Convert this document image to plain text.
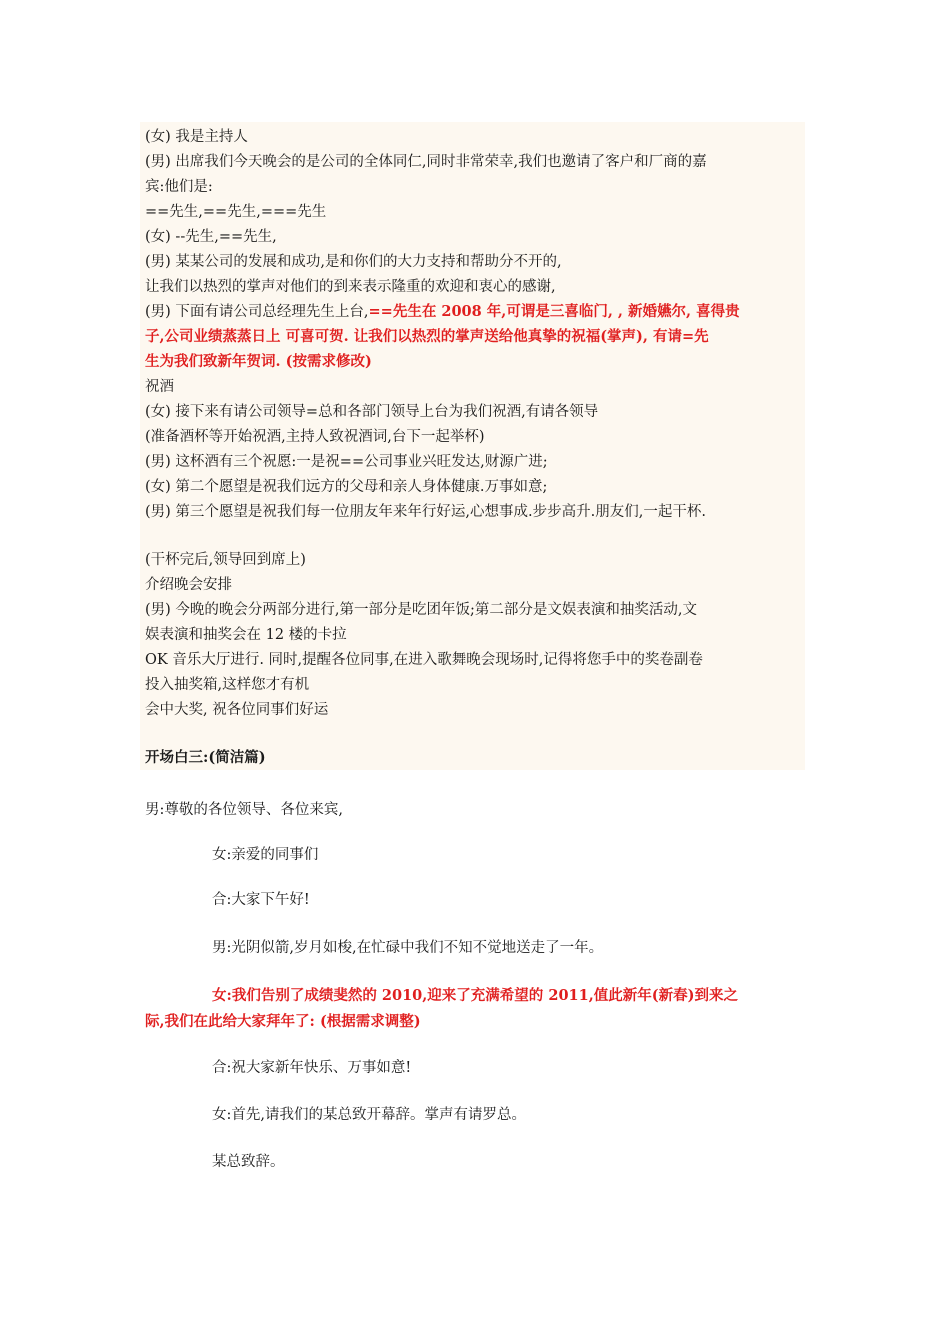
(女) 我是主持人
(男) 出席我们今天晚会的是公司的全体同仁,同时非常荣幸,我们也邀请了客户和厂商的嘉
宾:他们是:
==先生,==先生,===先生
(女) --先生,==先生,
(男) 某某公司的发展和成功,是和你们的大力支持和帮助分不开的,
让我们以热烈的掌声对他们的到来表示隆重的欢迎和衷心的感谢,
(男) 下面有请公司总经理先生上台,==先生在 2008 年,可谓是三喜临门, , 新婚嬿尔, 喜得贵
子,公司业绩蒸蒸日上 可喜可贺. 让我们以热烈的掌声送给他真挚的祝福(掌声), 有请=先
生为我们致新年贺词. (按需求修改)
祝酒
(女) 接下来有请公司领导=总和各部门领导上台为我们祝酒,有请各领导
(准备酒杯等开始祝酒,主持人致祝酒词,台下一起举杯)
(男) 这杯酒有三个祝愿:一是祝==公司事业兴旺发达,财源广进;
(女) 第二个愿望是祝我们远方的父母和亲人身体健康.万事如意;
(男) 第三个愿望是祝我们每一位朋友年来年行好运,心想事成.步步高升.朋友们,一起干杯.
(干杯完后,领导回到席上)
介绍晚会安排
(男) 今晚的晚会分两部分进行,第一部分是吃团年饭;第二部分是文娱表演和抽奖活动,文
娱表演和抽奖会在 12 楼的卡拉
OK 音乐大厅进行. 同时,提醒各位同事,在进入歌舞晚会现场时,记得将您手中的奖卷副卷
投入抽奖箱,这样您才有机
会中大奖, 祝各位同事们好运
开场白三:(简洁篇)
男:尊敬的各位领导、各位来宾,
女:亲爱的同事们
合:大家下午好!
男:光阴似箭,岁月如梭,在忙碌中我们不知不觉地送走了一年。
女:我们告别了成绩斐然的 2010,迎来了充满希望的 2011,值此新年(新春)到来之
际,我们在此给大家拜年了: (根据需求调整)
合:祝大家新年快乐、万事如意!
女:首先,请我们的某总致开幕辞。掌声有请罗总。
某总致辞。
